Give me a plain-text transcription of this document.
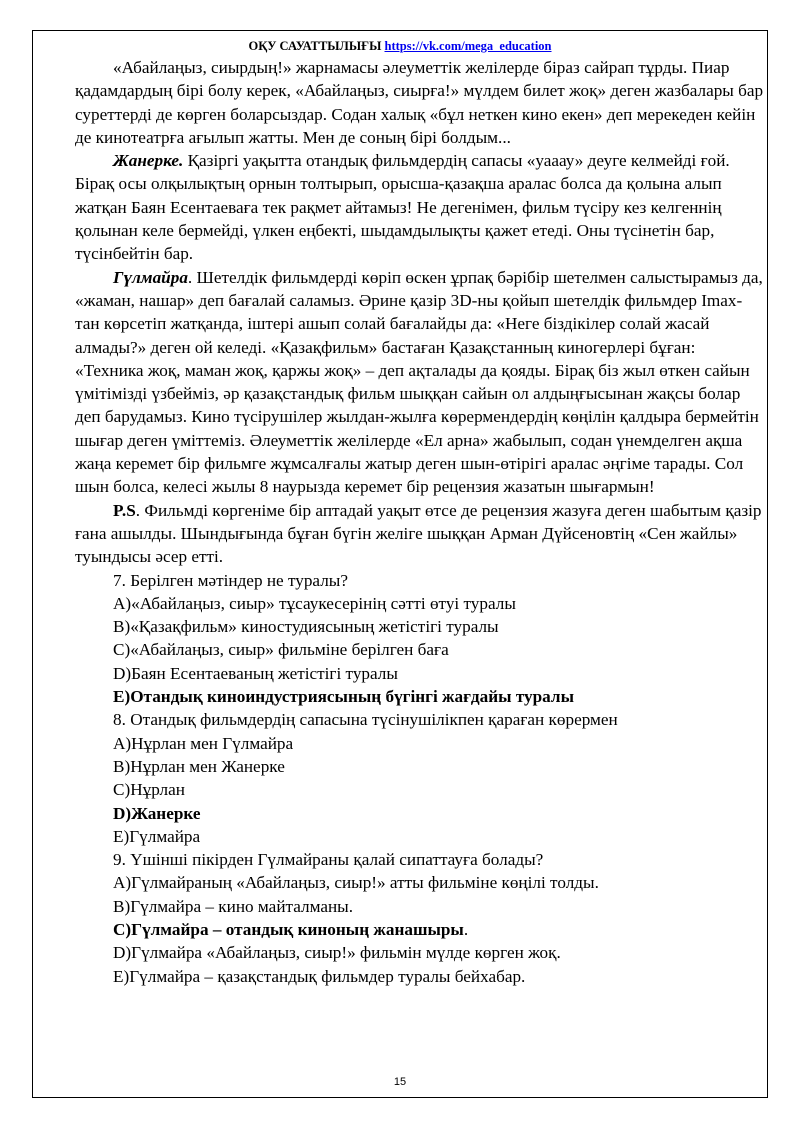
ОҚУ САУАТТЫЛЫҒЫ https://vk.com/mega_education

«Абайлаңыз, сиырдың!» жарнамасы әлеуметтік желілерде біраз сайрап тұрды. Пиар қадамдардың бірі болу керек, «Абайлаңыз, сиырға!» мүлдем билет жоқ» деген жазбалары бар суреттерді де көрген боларсыздар. Содан халық «бұл неткен кино екен» деп мерекеден кейін де кинотеатрға ағылып жатты. Мен де соның бірі болдым...

Жанерке. Қазіргі уақытта отандық фильмдердің сапасы «уааау» деуге келмейді ғой. Бірақ осы олқылықтың орнын толтырып, орысша-қазақша аралас болса да қолына алып жатқан Баян Есентаеваға тек рақмет айтамыз! Не дегенімен, фильм түсіру кез келгеннің қолынан келе бермейді, үлкен еңбекті, шыдамдылықты қажет етеді. Оны түсінетін бар, түсінбейтін бар.

Гүлмайра. Шетелдік фильмдерді көріп өскен ұрпақ бәрібір шетелмен салыстырамыз да, «жаман, нашар» деп бағалай саламыз. Әрине қазір 3D-ны қойып шетелдік фильмдер Imax-тан көрсетіп жатқанда, іштері ашып солай бағалайды да: «Неге біздікілер солай жасай алмады?» деген ой келеді. «Қазақфильм» бастаған Қазақстанның киногерлері бұған: «Техника жоқ, маман жоқ, қаржы жоқ» – деп ақталады да қояды. Бірақ біз жыл өткен сайын үмітімізді үзбейміз, әр қазақстандық фильм шыққан сайын ол алдыңғысынан жақсы болар деп барудамыз. Кино түсірушілер жылдан-жылға көрермендердің көңілін қалдыра бермейтін шығар деген үміттеміз. Әлеуметтік желілерде «Ел арна» жабылып, содан үнемделген ақша жаңа керемет бір фильмге жұмсалғалы жатыр деген шын-өтірігі аралас әңгіме тарады. Сол шын болса, келесі жылы 8 наурызда керемет бір рецензия жазатын шығармын!

P.S. Фильмді көргеніме бір аптадай уақыт өтсе де рецензия жазуға деген шабытым қазір ғана ашылды. Шындығында бұған бүгін желіге шыққан Арман Дүйсеновтің «Сен жайлы» туындысы әсер етті.

7. Берілген мәтіндер не туралы?

A)«Абайлаңыз, сиыр» тұсаукесерінің сәтті өтуі туралы

B)«Қазақфильм» киностудиясының жетістігі туралы

C)«Абайлаңыз, сиыр» фильміне берілген баға

D)Баян Есентаеваның жетістігі туралы

E)Отандық киноиндустриясының бүгінгі жағдайы туралы

8. Отандық фильмдердің сапасына түсінушілікпен қараған көрермен

A)Нұрлан мен Гүлмайра

B)Нұрлан мен Жанерке

C)Нұрлан

D)Жанерке

E)Гүлмайра

9. Үшінші пікірден Гүлмайраны қалай сипаттауға болады?

A)Гүлмайраның «Абайлаңыз, сиыр!» атты фильміне көңілі толды.

B)Гүлмайра – кино майталманы.

C)Гүлмайра – отандық киноның жанашыры.

D)Гүлмайра «Абайлаңыз, сиыр!» фильмін мүлде көрген жоқ.

E)Гүлмайра – қазақстандық фильмдер туралы бейхабар.

15
